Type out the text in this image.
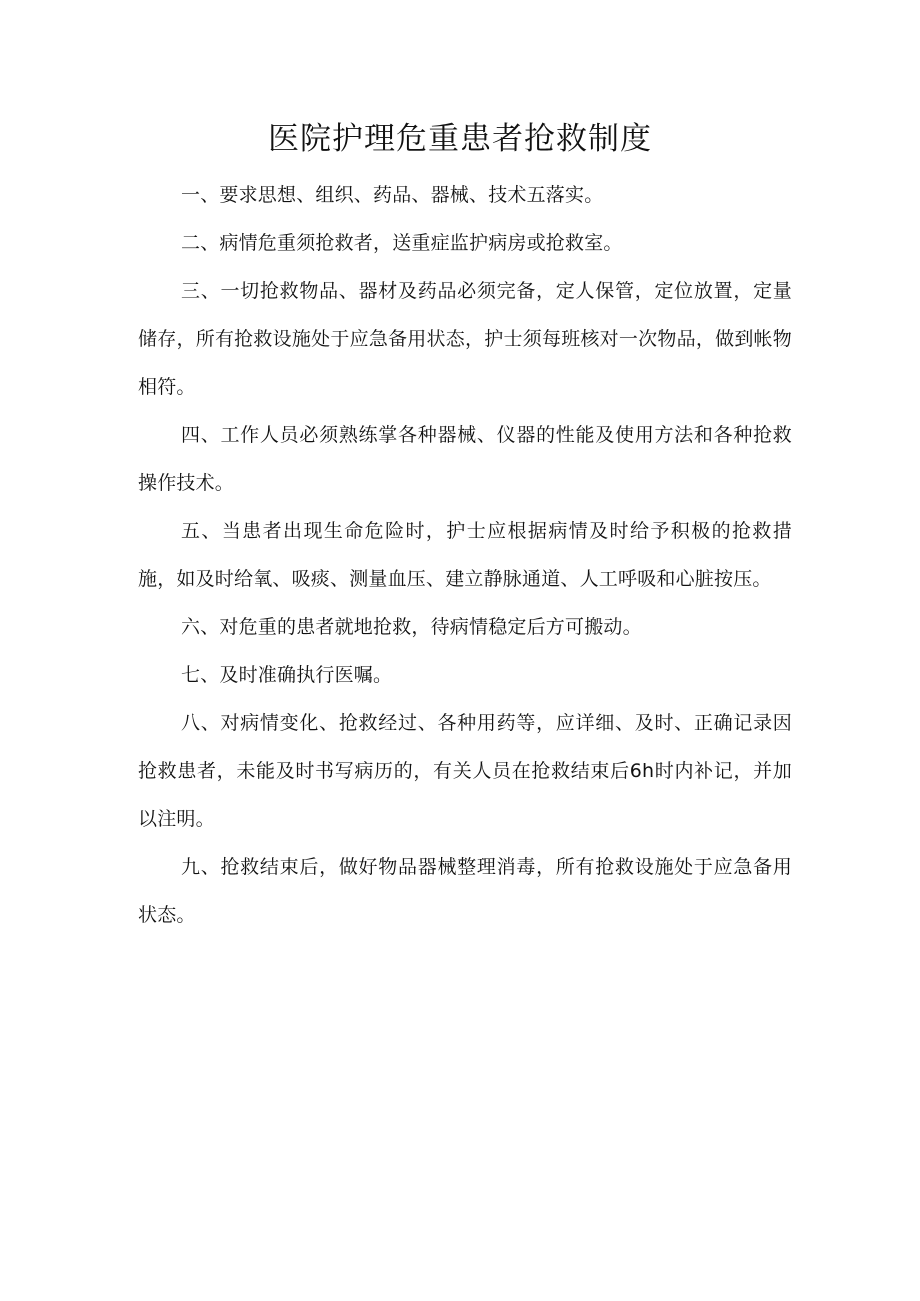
医院护理危重患者抢救制度

一、要求思想、组织、药品、器械、技术五落实。

二、病情危重须抢救者，送重症监护病房或抢救室。

三、一切抢救物品、器材及药品必须完备，定人保管，定位放置，定量储存，所有抢救设施处于应急备用状态，护士须每班核对一次物品，做到帐物相符。

四、工作人员必须熟练掌各种器械、仪器的性能及使用方法和各种抢救操作技术。

五、当患者出现生命危险时，护士应根据病情及时给予积极的抢救措施，如及时给氧、吸痰、测量血压、建立静脉通道、人工呼吸和心脏按压。

六、对危重的患者就地抢救，待病情稳定后方可搬动。

七、及时准确执行医嘱。

八、对病情变化、抢救经过、各种用药等，应详细、及时、正确记录因抢救患者，未能及时书写病历的，有关人员在抢救结束后6h时内补记，并加以注明。

九、抢救结束后，做好物品器械整理消毒，所有抢救设施处于应急备用状态。
